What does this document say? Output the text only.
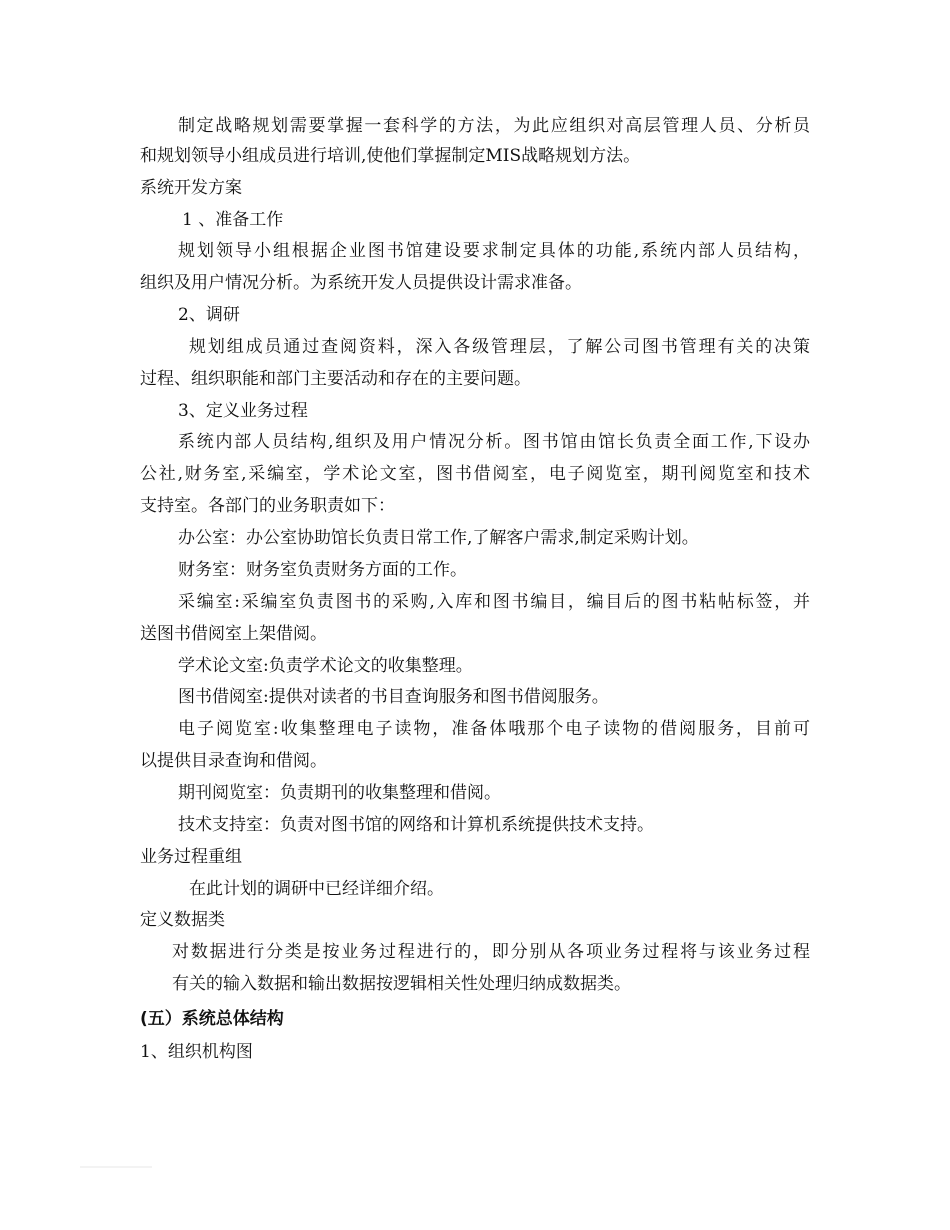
制定战略规划需要掌握一套科学的方法，为此应组织对高层管理人员、分析员
和规划领导小组成员进行培训,使他们掌握制定MIS战略规划方法。
系统开发方案
1 、准备工作
规划领导小组根据企业图书馆建设要求制定具体的功能,系统内部人员结构，
组织及用户情况分析。为系统开发人员提供设计需求准备。
2、调研
规划组成员通过查阅资料，深入各级管理层，了解公司图书管理有关的决策
过程、组织职能和部门主要活动和存在的主要问题。
3、定义业务过程
系统内部人员结构,组织及用户情况分析。图书馆由馆长负责全面工作,下设办
公社,财务室,采编室，学术论文室，图书借阅室，电子阅览室，期刊阅览室和技术
支持室。各部门的业务职责如下：
办公室：办公室协助馆长负责日常工作,了解客户需求,制定采购计划。
财务室：财务室负责财务方面的工作。
采编室:采编室负责图书的采购,入库和图书编目，编目后的图书粘帖标签，并
送图书借阅室上架借阅。
学术论文室:负责学术论文的收集整理。
图书借阅室:提供对读者的书目查询服务和图书借阅服务。
电子阅览室:收集整理电子读物，准备体哦那个电子读物的借阅服务，目前可
以提供目录查询和借阅。
期刊阅览室：负责期刊的收集整理和借阅。
技术支持室：负责对图书馆的网络和计算机系统提供技术支持。
业务过程重组
在此计划的调研中已经详细介绍。
定义数据类
对数据进行分类是按业务过程进行的，即分别从各项业务过程将与该业务过程
有关的输入数据和输出数据按逻辑相关性处理归纳成数据类。
(五）系统总体结构
1、组织机构图
